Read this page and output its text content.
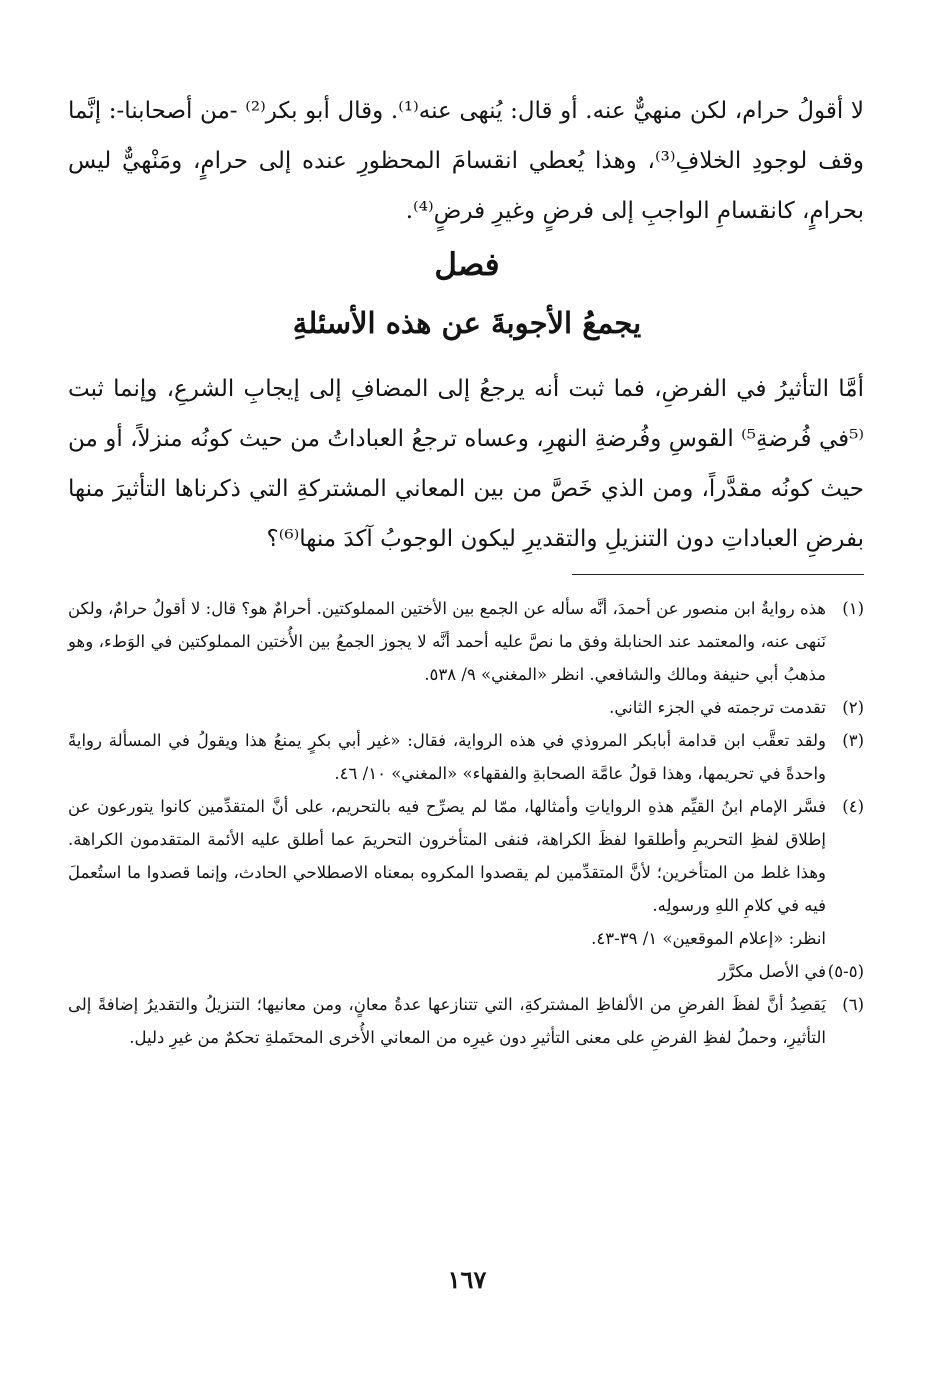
لا أقولُ حرام، لكن منهيٌّ عنه. أو قال: يُنهى عنه⁽¹⁾. وقال أبو بكر⁽²⁾ -من أصحابنا-: إنَّما وقف لوجودِ الخلافِ⁽³⁾، وهذا يُعطي انقسامَ المحظورِ عنده إلى حرامٍ، ومَنْهيٌّ ليس بحرامٍ، كانقسامِ الواجبِ إلى فرضٍ وغيرِ فرضٍ⁽⁴⁾.

فصل
يجمعُ الأجوبةَ عن هذه الأسئلةِ

أمَّا التأثيرُ في الفرضِ، فما ثبت أنه يرجعُ إلى المضافِ إلى إيجابِ الشرعِ، وإنما ثبت ⁽⁵في فُرضةِ⁵⁾ القوسِ وفُرضةِ النهرِ، وعساه ترجعُ العباداتُ من حيث كونُه منزلاً، أو من حيث كونُه مقدَّراً، ومن الذي خَصَّ من بين المعاني المشتركةِ التي ذكرناها التأثيرَ منها بفرضِ العباداتِ دون التنزيلِ والتقديرِ ليكون الوجوبُ آكدَ منها⁽⁶⁾؟

(١)
هذه روايةُ ابن منصور عن أحمدَ، أنَّه سأله عن الجمع بين الأختين المملوكتين. أحرامٌ هو؟ قال: لا أقولُ حرامٌ، ولكن نَنهى عنه، والمعتمد عند الحنابلة وفق ما نصَّ عليه أحمد أنَّه لا يجوز الجمعُ بين الأُختين المملوكتين في الوَطء، وهو مذهبُ أبي حنيفة ومالك والشافعي. انظر «المغني» ٩/ ٥٣٨.
(٢)
تقدمت ترجمته في الجزء الثاني.
(٣)
ولقد تعقَّب ابن قدامة أبابكر المروذي في هذه الرواية، فقال: «غير أبي بكرٍ يمنعُ هذا ويقولُ في المسألة روايةً واحدةً في تحريمها، وهذا قولُ عامَّة الصحابةِ والفقهاء» «المغني» ١٠/ ٤٦.
(٤)
فسَّر الإمام ابنُ القيِّم هذهِ الرواياتِ وأمثالها، ممّا لم يصرِّح فيه بالتحريم، على أنَّ المتقدِّمين كانوا يتورعون عن إطلاق لفظِ التحريمِ وأطلقوا لفظَ الكراهة، فنفى المتأخرون التحريمَ عما أطلق عليه الأئمة المتقدمون الكراهة. وهذا غلط من المتأخرين؛ لأنَّ المتقدِّمين لم يقصدوا المكروه بمعناه الاصطلاحي الحادث، وإنما قصدوا ما استُعملَ فيه في كلامِ اللهِ ورسولِه.
انظر: «إعلام الموقعين» ١/ ٣٩-٤٣.
(٥-٥)
في الأصل مكرَّر
(٦)
يَقصِدُ أنَّ لفظَ الفرضِ من الألفاظِ المشتركةِ، التي تتنازعها عدةُ معانٍ، ومن معانيها؛ التنزيلُ والتقديرُ إضافةً إلى التأثيرِ، وحملُ لفظِ الفرضِ على معنى التأثيرِ دون غيرِه من المعاني الأُخرى المحتَملةِ تحكمٌ من غيرِ دليل.
١٦٧
